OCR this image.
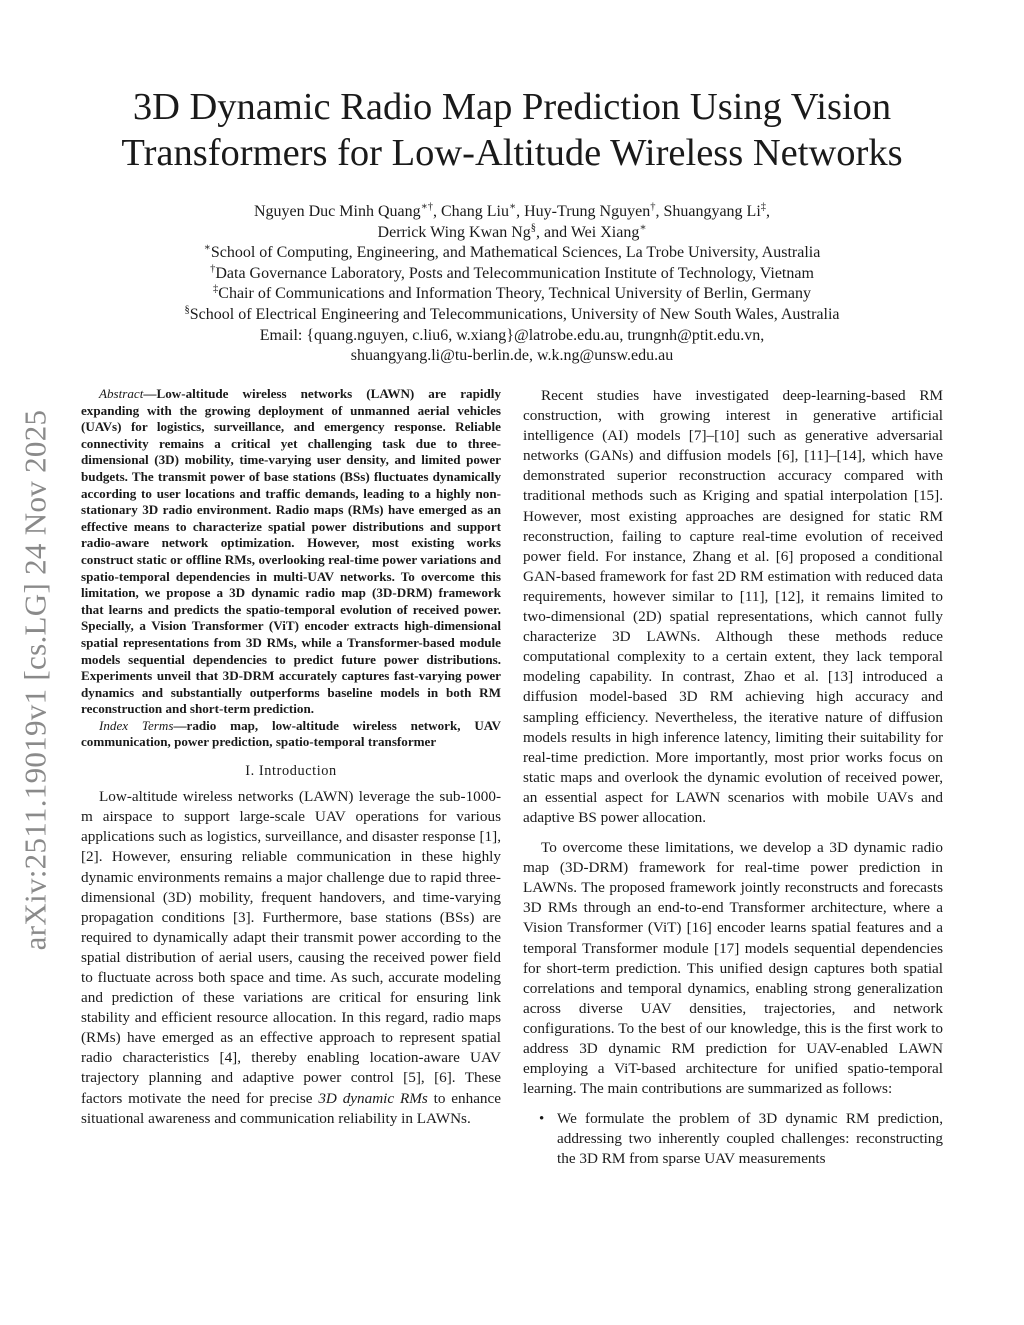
arXiv:2511.19019v1 [cs.LG] 24 Nov 2025
3D Dynamic Radio Map Prediction Using Vision
Transformers for Low-Altitude Wireless Networks
Nguyen Duc Minh Quang∗†, Chang Liu∗, Huy-Trung Nguyen†, Shuangyang Li‡,
Derrick Wing Kwan Ng§, and Wei Xiang∗
∗School of Computing, Engineering, and Mathematical Sciences, La Trobe University, Australia
†Data Governance Laboratory, Posts and Telecommunication Institute of Technology, Vietnam
‡Chair of Communications and Information Theory, Technical University of Berlin, Germany
§School of Electrical Engineering and Telecommunications, University of New South Wales, Australia
Email: {quang.nguyen, c.liu6, w.xiang}@latrobe.edu.au, trungnh@ptit.edu.vn,
shuangyang.li@tu-berlin.de, w.k.ng@unsw.edu.au

Abstract—Low-altitude wireless networks (LAWN) are rapidly expanding with the growing deployment of unmanned aerial vehicles (UAVs) for logistics, surveillance, and emergency response. Reliable connectivity remains a critical yet challenging task due to three-dimensional (3D) mobility, time-varying user density, and limited power budgets. The transmit power of base stations (BSs) fluctuates dynamically according to user locations and traffic demands, leading to a highly non-stationary 3D radio environment. Radio maps (RMs) have emerged as an effective means to characterize spatial power distributions and support radio-aware network optimization. However, most existing works construct static or offline RMs, overlooking real-time power variations and spatio-temporal dependencies in multi-UAV networks. To overcome this limitation, we propose a 3D dynamic radio map (3D-DRM) framework that learns and predicts the spatio-temporal evolution of received power. Specially, a Vision Transformer (ViT) encoder extracts high-dimensional spatial representations from 3D RMs, while a Transformer-based module models sequential dependencies to predict future power distributions. Experiments unveil that 3D-DRM accurately captures fast-varying power dynamics and substantially outperforms baseline models in both RM reconstruction and short-term prediction.

Index Terms—radio map, low-altitude wireless network, UAV communication, power prediction, spatio-temporal transformer

I. Introduction

Low-altitude wireless networks (LAWN) leverage the sub-1000-m airspace to support large-scale UAV operations for various applications such as logistics, surveillance, and disaster response [1], [2]. However, ensuring reliable communication in these highly dynamic environments remains a major challenge due to rapid three-dimensional (3D) mobility, frequent handovers, and time-varying propagation conditions [3]. Furthermore, base stations (BSs) are required to dynamically adapt their transmit power according to the spatial distribution of aerial users, causing the received power field to fluctuate across both space and time. As such, accurate modeling and prediction of these variations are critical for ensuring link stability and efficient resource allocation. In this regard, radio maps (RMs) have emerged as an effective approach to represent spatial radio characteristics [4], thereby enabling location-aware UAV trajectory planning and adaptive power control [5], [6]. These factors motivate the need for precise 3D dynamic RMs to enhance situational awareness and communication reliability in LAWNs.

Recent studies have investigated deep-learning-based RM construction, with growing interest in generative artificial intelligence (AI) models [7]–[10] such as generative adversarial networks (GANs) and diffusion models [6], [11]–[14], which have demonstrated superior reconstruction accuracy compared with traditional methods such as Kriging and spatial interpolation [15]. However, most existing approaches are designed for static RM reconstruction, failing to capture real-time evolution of received power field. For instance, Zhang et al. [6] proposed a conditional GAN-based framework for fast 2D RM estimation with reduced data requirements, however similar to [11], [12], it remains limited to two-dimensional (2D) spatial representations, which cannot fully characterize 3D LAWNs. Although these methods reduce computational complexity to a certain extent, they lack temporal modeling capability. In contrast, Zhao et al. [13] introduced a diffusion model-based 3D RM achieving high accuracy and sampling efficiency. Nevertheless, the iterative nature of diffusion models results in high inference latency, limiting their suitability for real-time prediction. More importantly, most prior works focus on static maps and overlook the dynamic evolution of received power, an essential aspect for LAWN scenarios with mobile UAVs and adaptive BS power allocation.

To overcome these limitations, we develop a 3D dynamic radio map (3D-DRM) framework for real-time power prediction in LAWNs. The proposed framework jointly reconstructs and forecasts 3D RMs through an end-to-end Transformer architecture, where a Vision Transformer (ViT) [16] encoder learns spatial features and a temporal Transformer module [17] models sequential dependencies for short-term prediction. This unified design captures both spatial correlations and temporal dynamics, enabling strong generalization across diverse UAV densities, trajectories, and network configurations. To the best of our knowledge, this is the first work to address 3D dynamic RM prediction for UAV-enabled LAWN employing a ViT-based architecture for unified spatio-temporal learning. The main contributions are summarized as follows:

• We formulate the problem of 3D dynamic RM prediction, addressing two inherently coupled challenges: reconstructing the 3D RM from sparse UAV measurements
